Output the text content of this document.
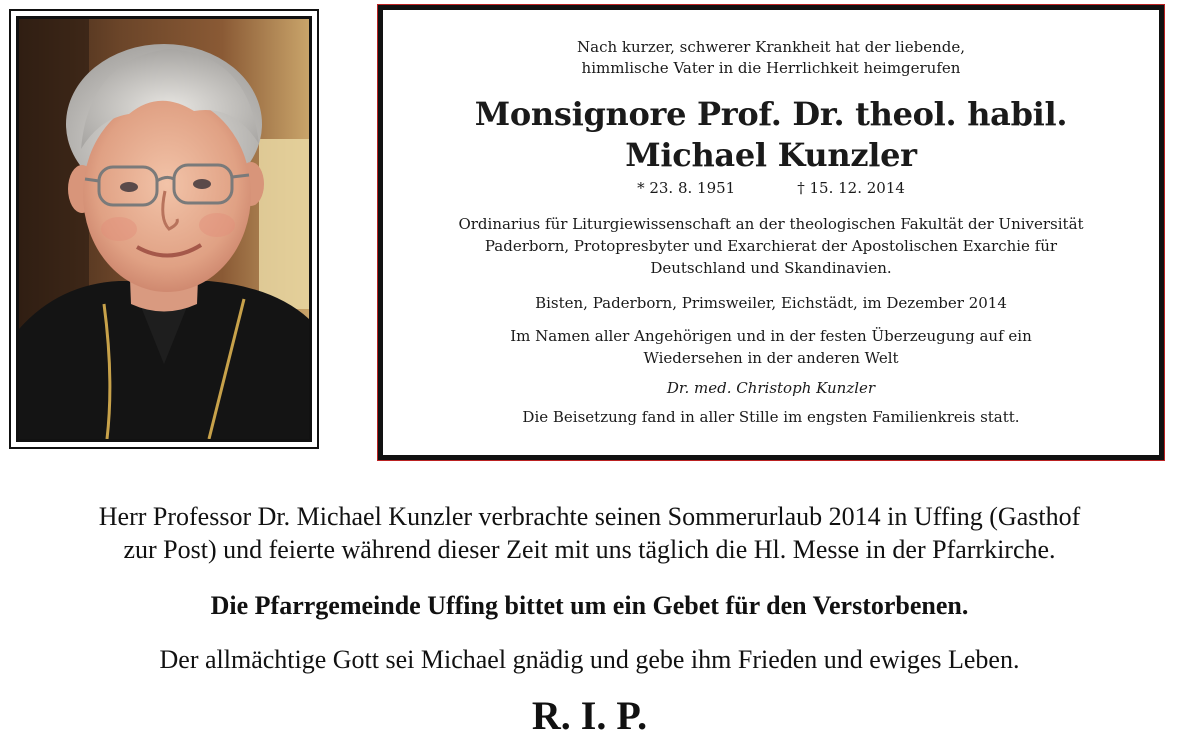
Nach kurzer, schwerer Krankheit hat der liebende,
himmlische Vater in die Herrlichkeit heimgerufen
Monsignore Prof. Dr. theol. habil.
Michael Kunzler
* 23. 8. 1951	† 15. 12. 2014
Ordinarius für Liturgiewissenschaft an der theologischen Fakultät der Universität
Paderborn, Protopresbyter und Exarchierat der Apostolischen Exarchie für
Deutschland und Skandinavien.
Bisten, Paderborn, Primsweiler, Eichstädt, im Dezember 2014
Im Namen aller Angehörigen und in der festen Überzeugung auf ein
Wiedersehen in der anderen Welt
Dr. med. Christoph Kunzler
Die Beisetzung fand in aller Stille im engsten Familienkreis statt.
Herr Professor Dr. Michael Kunzler verbrachte seinen Sommerurlaub 2014 in Uffing (Gasthof
zur Post) und feierte während dieser Zeit mit uns täglich die Hl. Messe in der Pfarrkirche.
Die Pfarrgemeinde Uffing bittet um ein Gebet für den Verstorbenen.
Der allmächtige Gott sei Michael gnädig und gebe ihm Frieden und ewiges Leben.
R. I. P.
